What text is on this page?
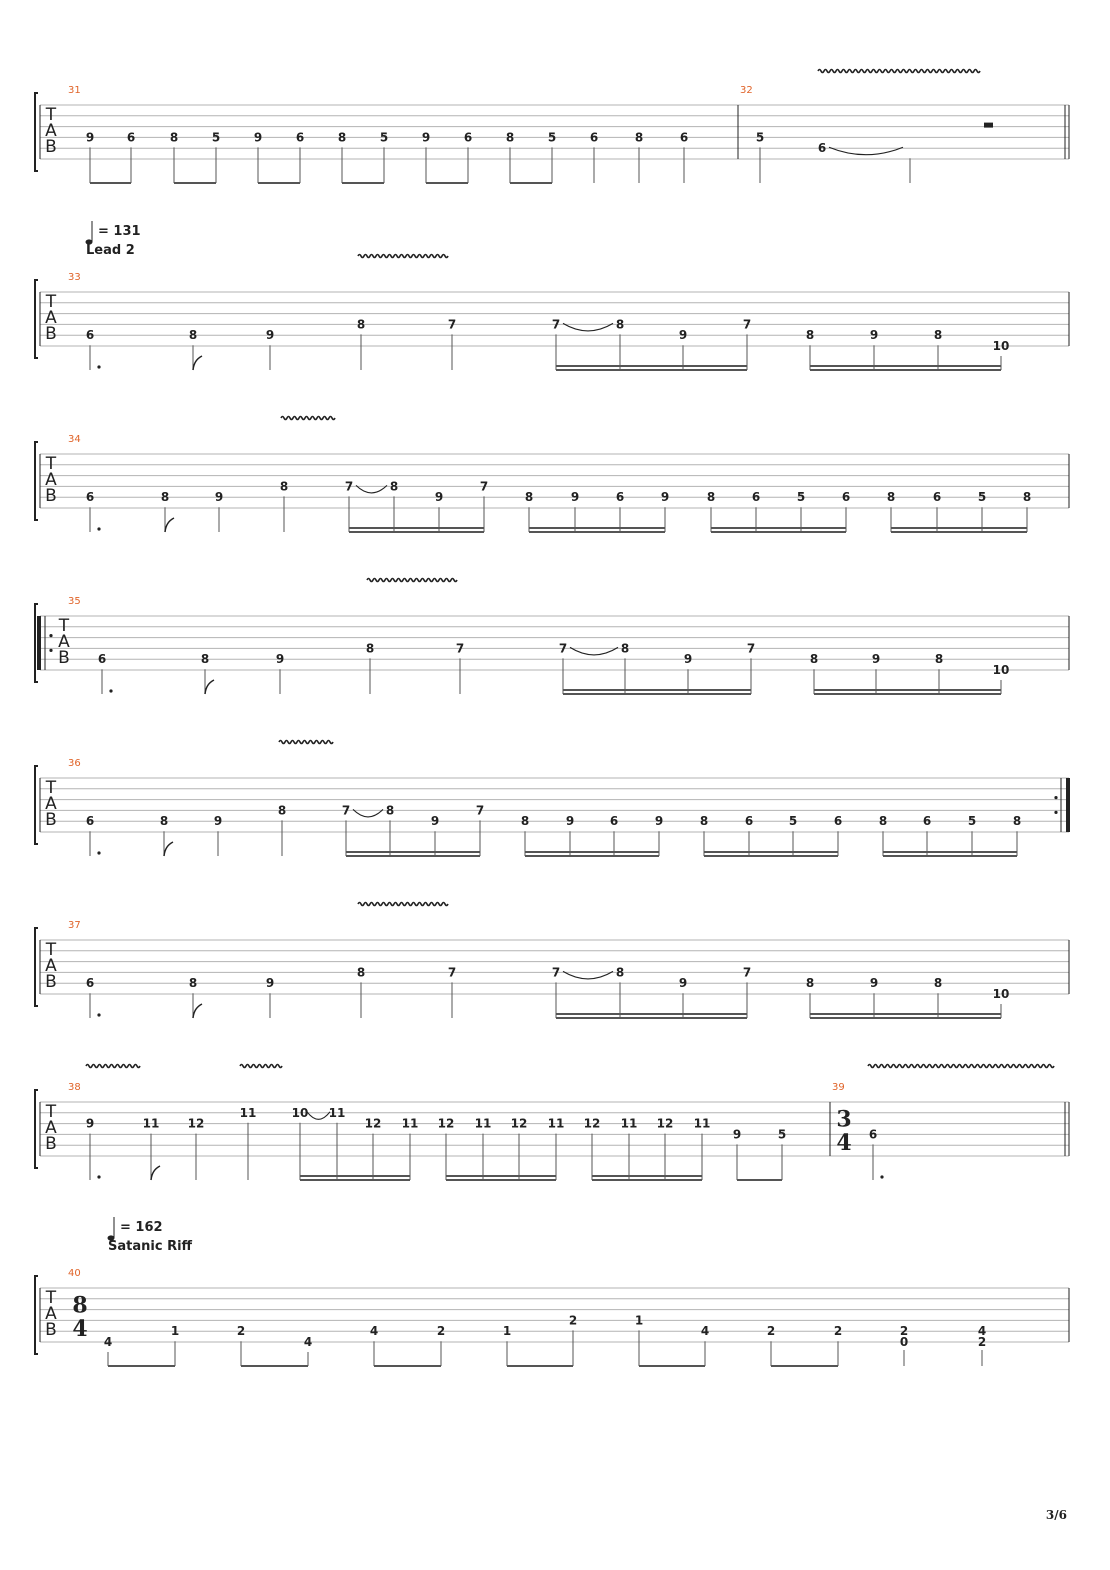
T
A
B
31
9	6	8	5	9	6	8	5	9	6	8	5	6	8	6
32
5
6
T
A
B
= 131
Lead 2
33
6	8	9
8	7	7	8
9
7
8	9	8
10
T
A
B
34
6	8	9
8	7	8
9
7
8	9	6	9	8	6	5	6	8	6	5	8
T
A
B
35
6	8	9
8	7	7	8
9
7
8	9	8
10
T
A
B
36
6	8	9
8	7	8
9
7
8	9	6	9	8	6	5	6	8	6	5	8
T
A
B
37
6	8	9
8	7	7	8
9
7
8	9	8
10
T
A
B
38
9	11 12
11	10 11
12 11 12 11 12 11 12 11 12 11
9	5
39
3
4 6
T
A
B
= 162
Satanic Riff
40
8
4 4
1	2
4
4	2	1
2	1
4	2	2	2
0
4
2
3/6
